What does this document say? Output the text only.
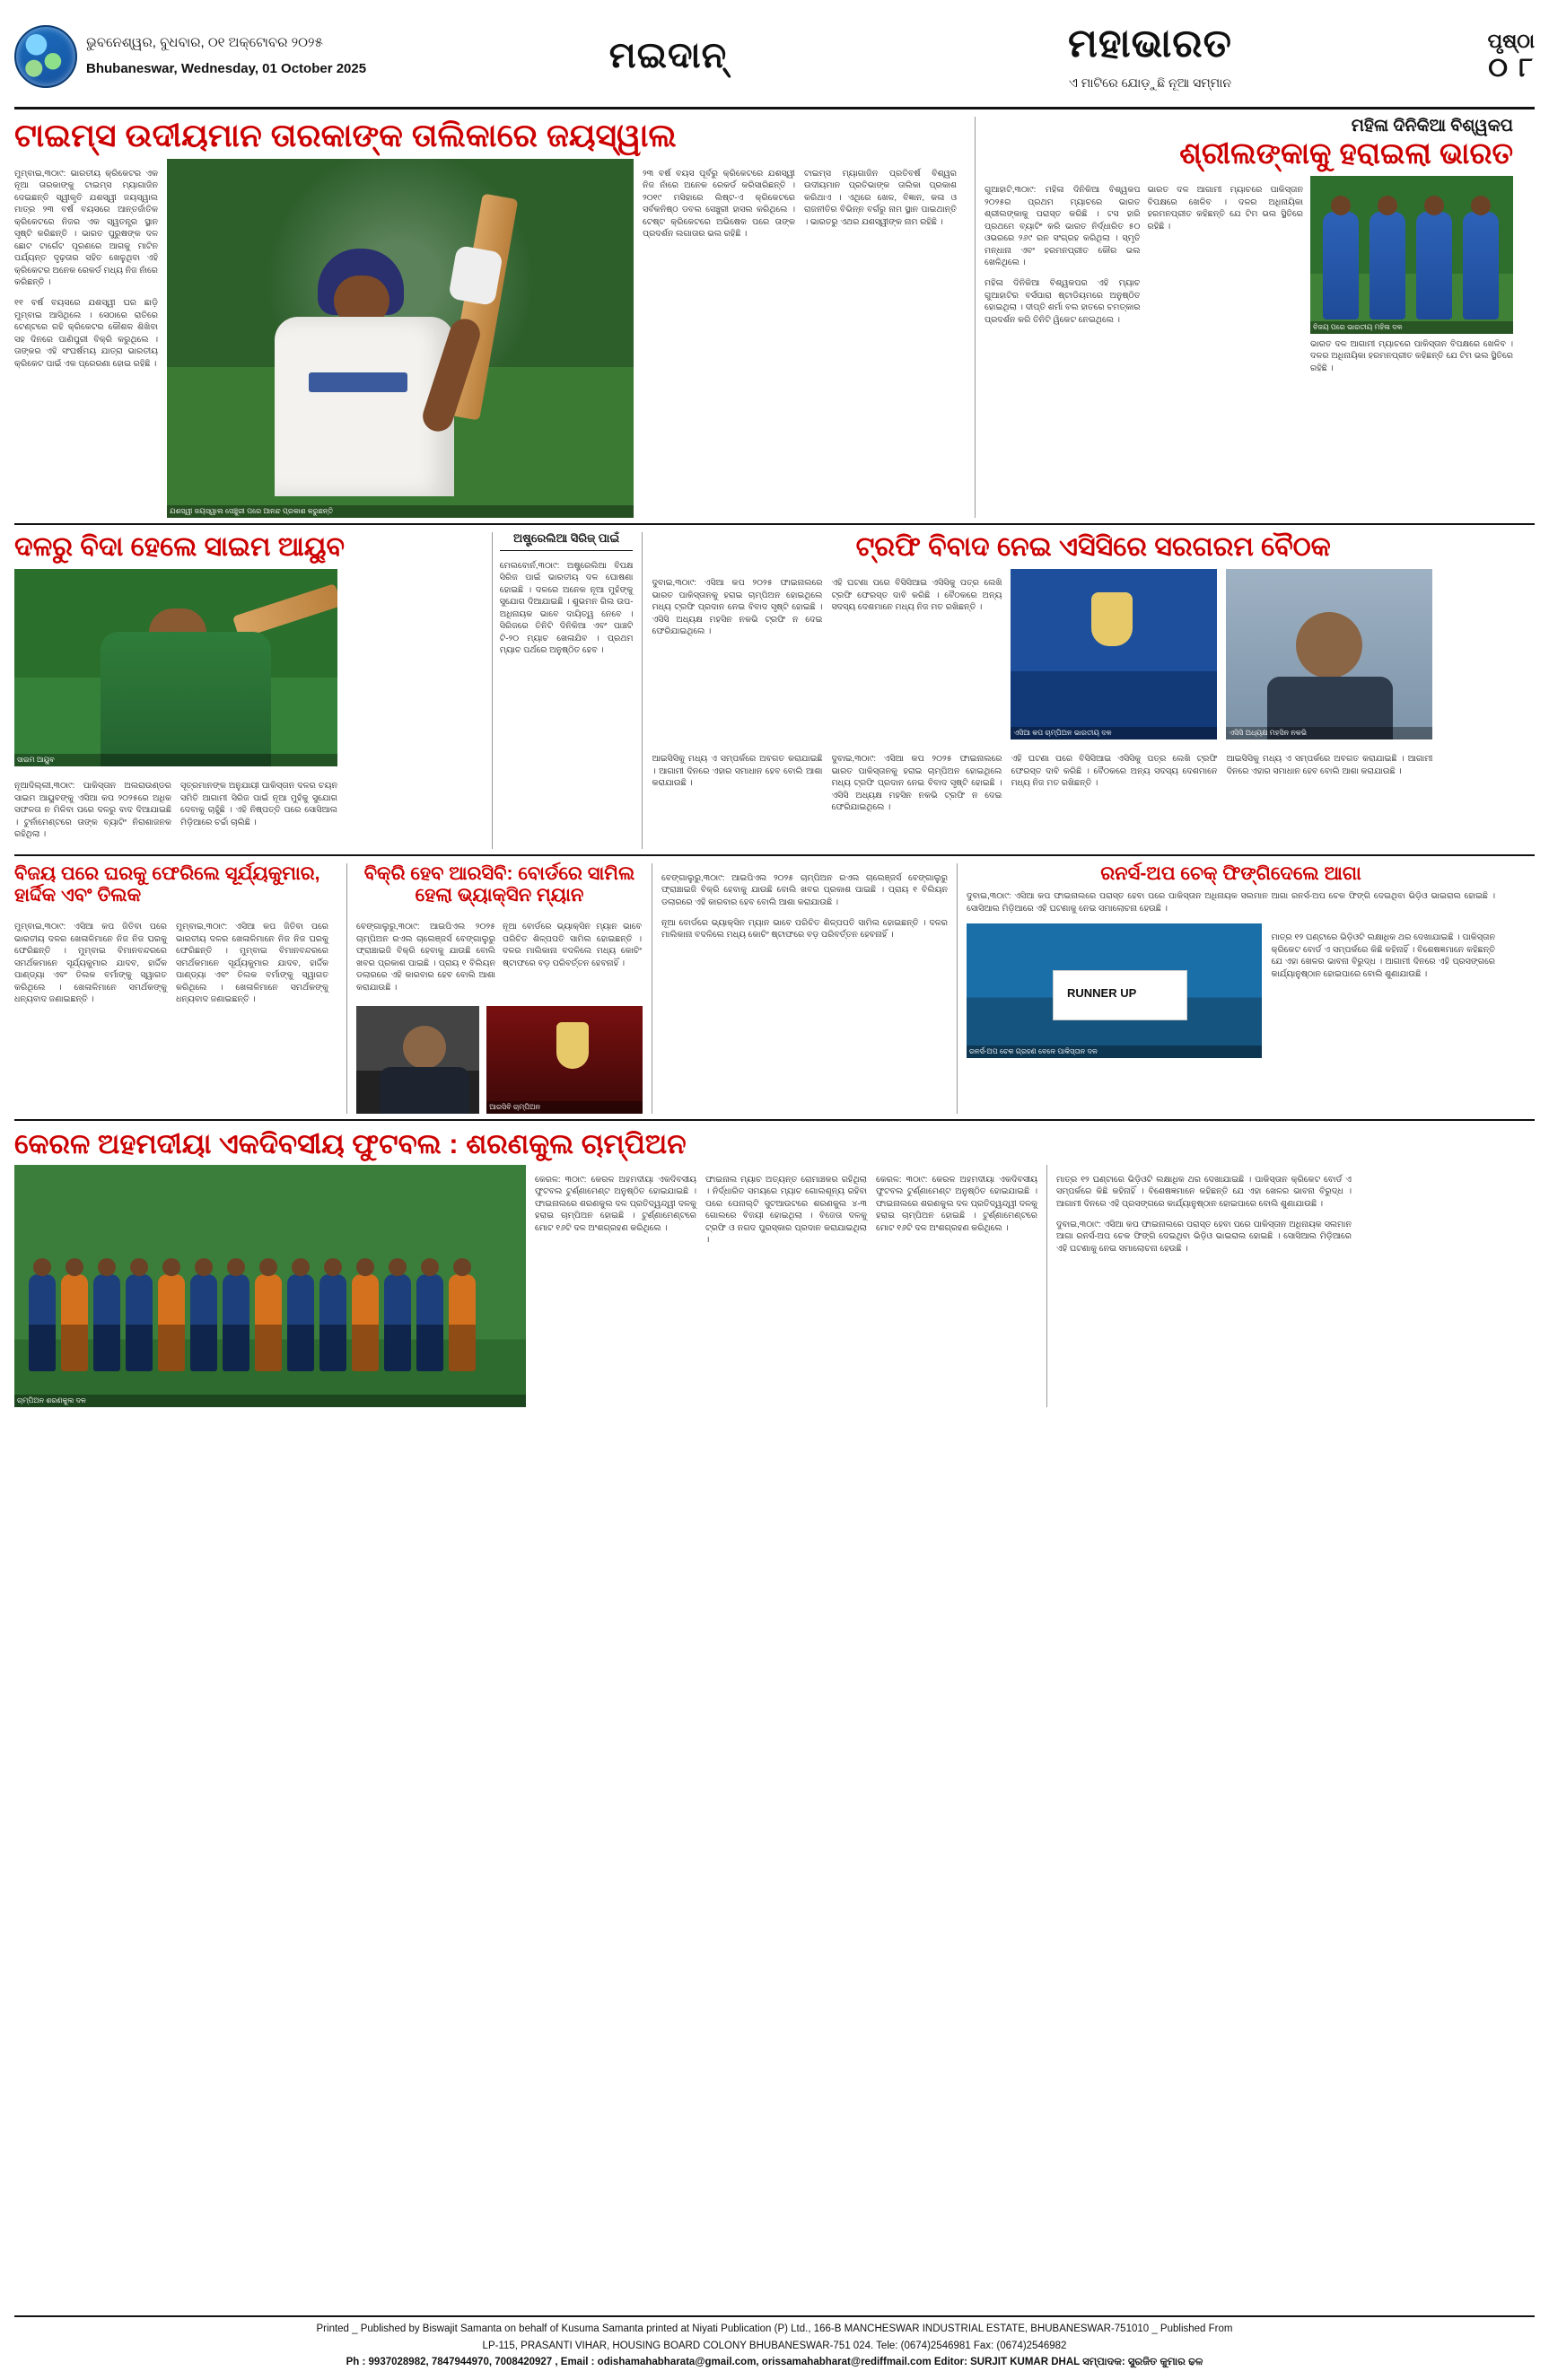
ଭୁବନେଶ୍ୱର, ବୁଧବାର, ୦୧ ଅକ୍ଟୋବର ୨୦୨୫
Bhubaneswar, Wednesday, 01 October 2025	ମଇଦାନ୍	ମହାଭାରତ
ଏ ମାଟିରେ ଯୋଡ଼ୁଛି ନୂଆ ସମ୍ମାନ
ପୃଷ୍ଠା
୦ ୮
ଟାଇମ୍ସ ଉଦୀୟମାନ ତାରକାଙ୍କ ତାଲିକାରେ ଜୟସ୍ୱାଲ

ମୁମ୍ବାଇ,୩୦ା୯: ଭାରତୀୟ କ୍ରିକେଟର ଏକ ନୂଆ ତାରକାଙ୍କୁ ଟାଇମ୍ସ ମ୍ୟାଗାଜିନ ଦେଇଛନ୍ତି ସ୍ୱୀକୃତି ଯଶସ୍ୱୀ ଜୟସ୍ୱାଲ ମାତ୍ର ୨୩ ବର୍ଷ ବୟସରେ ଆନ୍ତର୍ଜାତିକ କ୍ରିକେଟରେ ନିଜର ଏକ ସ୍ୱତନ୍ତ୍ର ସ୍ଥାନ ସୃଷ୍ଟି କରିଛନ୍ତି । ଭାରତ ପୁରୁଷଙ୍କ ଦଳ ଛୋଟ ଟାର୍ଗେଟ ପୂରଣରେ ଆଗକୁ ମାଟିନ ପର୍ଯ୍ୟନ୍ତ ଦୃଢ଼ତାର ସହିତ ଖେଳୁଥିବା ଏହି କ୍ରିକେଟର ଅନେକ ରେକର୍ଡ ମଧ୍ୟ ନିଜ ନାଁରେ କରିଛନ୍ତି ।

୧୧ ବର୍ଷ ବୟସରେ ଯଶସ୍ୱୀ ଘର ଛାଡ଼ି ମୁମ୍ବାଇ ଆସିଥିଲେ । ସେଠାରେ ରାତିରେ ଟେଣ୍ଟରେ ରହି କ୍ରିକେଟର କୌଶଳ ଶିଖିବା ସହ ଦିନରେ ପାଣିପୁରୀ ବିକ୍ରି କରୁଥିଲେ । ତାଙ୍କର ଏହି ସଂଘର୍ଷମୟ ଯାତ୍ରା ଭାରତୀୟ କ୍ରିକେଟ ପାଇଁ ଏକ ପ୍ରେରଣା ହୋଇ ରହିଛି ।

ଯଶସ୍ୱୀ ଜୟସ୍ୱାଲ ସେଞ୍ଚୁରୀ ପରେ ଆନନ୍ଦ ପ୍ରକାଶ କରୁଛନ୍ତି

୨୩ ବର୍ଷ ବୟସ ପୂର୍ବରୁ କ୍ରିକେଟରେ ଯଶସ୍ୱୀ ନିଜ ନାଁରେ ଅନେକ ରେକର୍ଡ କରିସାରିଛନ୍ତି । ୨୦୧୯ ମସିହାରେ ଲିଷ୍ଟ-ଏ କ୍ରିକେଟରେ ସର୍ବକନିଷ୍ଠ ଡବଲ ସେଞ୍ଚୁରୀ ହାସଲ କରିଥିଲେ । ଟେଷ୍ଟ କ୍ରିକେଟରେ ଅଭିଷେକ ପରେ ତାଙ୍କ ପ୍ରଦର୍ଶନ ଲଗାତାର ଭଲ ରହିଛି ।

ଟାଇମ୍ସ ମ୍ୟାଗାଜିନ ପ୍ରତିବର୍ଷ ବିଶ୍ୱର ଉଦୀୟମାନ ପ୍ରତିଭାଙ୍କ ତାଲିକା ପ୍ରକାଶ କରିଥାଏ । ଏଥିରେ ଖେଳ, ବିଜ୍ଞାନ, କଳା ଓ ରାଜନୀତିର ବିଭିନ୍ନ ବର୍ଗରୁ ନାମ ସ୍ଥାନ ପାଇଥାନ୍ତି । ଭାରତରୁ ଏଥର ଯଶସ୍ୱୀଙ୍କ ନାମ ରହିଛି ।

ମହିଳା ଦିନିକିଆ ବିଶ୍ୱକପ
ଶ୍ରୀଲଙ୍କାକୁ ହରାଇଲା ଭାରତ

ଗୁଆହାଟି,୩୦ା୯: ମହିଳା ଦିନିକିଆ ବିଶ୍ୱକପ ୨୦୨୫ର ପ୍ରଥମ ମ୍ୟାଚରେ ଭାରତ ଶ୍ରୀଲଙ୍କାକୁ ପରାସ୍ତ କରିଛି । ଟସ ହାରି ପ୍ରଥମେ ବ୍ୟାଟିଂ କରି ଭାରତ ନିର୍ଦ୍ଧାରିତ ୫୦ ଓଭରରେ ୨୬୯ ରନ ସଂଗ୍ରହ କରିଥିଲା । ସ୍ମୃତି ମନ୍ଧାନା ଏବଂ ହରମନପ୍ରୀତ କୌର ଭଲ ଖେଳିଥିଲେ ।

ମହିଳା ଦିନିକିଆ ବିଶ୍ୱକପର ଏହି ମ୍ୟାଚ ଗୁଆହାଟିର ବର୍ସପାରା ଷ୍ଟାଡିୟମରେ ଅନୁଷ୍ଠିତ ହୋଇଥିଲା । ଦୀପ୍ତି ଶର୍ମା ବଲ ହାତରେ ଚମତ୍କାର ପ୍ରଦର୍ଶନ କରି ତିନିଟି ୱିକେଟ ନେଇଥିଲେ ।

ଭାରତ ଦଳ ଆଗାମୀ ମ୍ୟାଚରେ ପାକିସ୍ତାନ ବିପକ୍ଷରେ ଖେଳିବ । ଦଳର ଅଧିନାୟିକା ହରମନପ୍ରୀତ କହିଛନ୍ତି ଯେ ଟିମ ଭଲ ସ୍ଥିତିରେ ରହିଛି ।

ବିଜୟ ପରେ ଭାରତୀୟ ମହିଳା ଦଳ

ଭାରତ ଦଳ ଆଗାମୀ ମ୍ୟାଚରେ ପାକିସ୍ତାନ ବିପକ୍ଷରେ ଖେଳିବ । ଦଳର ଅଧିନାୟିକା ହରମନପ୍ରୀତ କହିଛନ୍ତି ଯେ ଟିମ ଭଲ ସ୍ଥିତିରେ ରହିଛି ।

ଦଳରୁ ବିଦା ହେଲେ ସାଇମ ଆୟୁବ
ସାଇମ ଆୟୁବ

ନୂଆଦିଲ୍ଲୀ,୩୦ା୯: ପାକିସ୍ତାନ ଅଲରାଉଣ୍ଡର ସାଇମ ଆୟୁବଙ୍କୁ ଏସିଆ କପ ୨୦୨୫ରେ ଅଧିକ ସଫଳତା ନ ମିଳିବା ପରେ ଦଳରୁ ବାଦ ଦିଆଯାଇଛି । ଟୁର୍ନାମେଣ୍ଟରେ ତାଙ୍କ ବ୍ୟାଟିଂ ନିରାଶାଜନକ ରହିଥିଲା ।

ସୂତ୍ରମାନଙ୍କ ଅନୁଯାୟୀ ପାକିସ୍ତାନ ଦଳର ଚୟନ ସମିତି ଆଗାମୀ ସିରିଜ ପାଇଁ ନୂଆ ମୁହଁକୁ ସୁଯୋଗ ଦେବାକୁ ଚାହୁଁଛି । ଏହି ନିଷ୍ପତ୍ତି ପରେ ସୋସିଆଲ ମିଡ଼ିଆରେ ଚର୍ଚ୍ଚା ଚାଲିଛି ।

ଅଷ୍ଟ୍ରେଲିଆ ସିରିଜ୍ ପାଇଁ

ମେଲବୋର୍ନ,୩୦ା୯: ଅଷ୍ଟ୍ରେଲିଆ ବିପକ୍ଷ ସିରିଜ ପାଇଁ ଭାରତୀୟ ଦଳ ଘୋଷଣା ହୋଇଛି । ଦଳରେ ଅନେକ ନୂଆ ମୁହଁଙ୍କୁ ସୁଯୋଗ ଦିଆଯାଇଛି । ଶୁଭମନ ଗିଲ ଉପ-ଅଧିନାୟକ ଭାବେ ଦାୟିତ୍ୱ ନେବେ । ସିରିଜରେ ତିନିଟି ଦିନିକିଆ ଏବଂ ପାଞ୍ଚଟି ଟି-୨୦ ମ୍ୟାଚ ଖେଳାଯିବ । ପ୍ରଥମ ମ୍ୟାଚ ପର୍ଥରେ ଅନୁଷ୍ଠିତ ହେବ ।

ଟ୍ରଫି ବିବାଦ ନେଇ ଏସିସିରେ ସରଗରମ ବୈଠକ

ଦୁବାଇ,୩୦ା୯: ଏସିଆ କପ ୨୦୨୫ ଫାଇନାଲରେ ଭାରତ ପାକିସ୍ତାନକୁ ହରାଇ ଚାମ୍ପିଅନ ହୋଇଥିଲେ ମଧ୍ୟ ଟ୍ରଫି ପ୍ରଦାନ ନେଇ ବିବାଦ ସୃଷ୍ଟି ହୋଇଛି । ଏସିସି ଅଧ୍ୟକ୍ଷ ମହସିନ ନକଭି ଟ୍ରଫି ନ ଦେଇ ଫେରିଯାଇଥିଲେ ।

ଏହି ଘଟଣା ପରେ ବିସିସିଆଇ ଏସିସିକୁ ପତ୍ର ଲେଖି ଟ୍ରଫି ଫେରସ୍ତ ଦାବି କରିଛି । ବୈଠକରେ ଅନ୍ୟ ସଦସ୍ୟ ଦେଶମାନେ ମଧ୍ୟ ନିଜ ମତ ରଖିଛନ୍ତି ।

ଏସିଆ କପ ଚାମ୍ପିଅନ ଭାରତୀୟ ଦଳ	ଏସିସି ଅଧ୍ୟକ୍ଷ ମହସିନ ନକଭି

ଆଇସିସିକୁ ମଧ୍ୟ ଏ ସମ୍ପର୍କରେ ଅବଗତ କରାଯାଇଛି । ଆଗାମୀ ଦିନରେ ଏହାର ସମାଧାନ ହେବ ବୋଲି ଆଶା କରାଯାଉଛି ।

ଦୁବାଇ,୩୦ା୯: ଏସିଆ କପ ୨୦୨୫ ଫାଇନାଲରେ ଭାରତ ପାକିସ୍ତାନକୁ ହରାଇ ଚାମ୍ପିଅନ ହୋଇଥିଲେ ମଧ୍ୟ ଟ୍ରଫି ପ୍ରଦାନ ନେଇ ବିବାଦ ସୃଷ୍ଟି ହୋଇଛି । ଏସିସି ଅଧ୍ୟକ୍ଷ ମହସିନ ନକଭି ଟ୍ରଫି ନ ଦେଇ ଫେରିଯାଇଥିଲେ ।

ଏହି ଘଟଣା ପରେ ବିସିସିଆଇ ଏସିସିକୁ ପତ୍ର ଲେଖି ଟ୍ରଫି ଫେରସ୍ତ ଦାବି କରିଛି । ବୈଠକରେ ଅନ୍ୟ ସଦସ୍ୟ ଦେଶମାନେ ମଧ୍ୟ ନିଜ ମତ ରଖିଛନ୍ତି ।

ଆଇସିସିକୁ ମଧ୍ୟ ଏ ସମ୍ପର୍କରେ ଅବଗତ କରାଯାଇଛି । ଆଗାମୀ ଦିନରେ ଏହାର ସମାଧାନ ହେବ ବୋଲି ଆଶା କରାଯାଉଛି ।

ବିଜୟ ପରେ ଘରକୁ ଫେରିଲେ ସୂର୍ଯ୍ୟକୁମାର, ହାର୍ଦ୍ଦିକ ଏବଂ ତିଲକ

ମୁମ୍ବାଇ,୩୦ା୯: ଏସିଆ କପ ଜିତିବା ପରେ ଭାରତୀୟ ଦଳର ଖେଳାଳିମାନେ ନିଜ ନିଜ ଘରକୁ ଫେରିଛନ୍ତି । ମୁମ୍ବାଇ ବିମାନବନ୍ଦରରେ ସମର୍ଥକମାନେ ସୂର୍ଯ୍ୟକୁମାର ଯାଦବ, ହାର୍ଦ୍ଦିକ ପାଣ୍ଡ୍ୟା ଏବଂ ତିଲକ ବର୍ମାଙ୍କୁ ସ୍ୱାଗତ କରିଥିଲେ । ଖେଳାଳିମାନେ ସମର୍ଥକଙ୍କୁ ଧନ୍ୟବାଦ ଜଣାଇଛନ୍ତି ।

ମୁମ୍ବାଇ,୩୦ା୯: ଏସିଆ କପ ଜିତିବା ପରେ ଭାରତୀୟ ଦଳର ଖେଳାଳିମାନେ ନିଜ ନିଜ ଘରକୁ ଫେରିଛନ୍ତି । ମୁମ୍ବାଇ ବିମାନବନ୍ଦରରେ ସମର୍ଥକମାନେ ସୂର୍ଯ୍ୟକୁମାର ଯାଦବ, ହାର୍ଦ୍ଦିକ ପାଣ୍ଡ୍ୟା ଏବଂ ତିଲକ ବର୍ମାଙ୍କୁ ସ୍ୱାଗତ କରିଥିଲେ । ଖେଳାଳିମାନେ ସମର୍ଥକଙ୍କୁ ଧନ୍ୟବାଦ ଜଣାଇଛନ୍ତି ।

ବିକ୍ରି ହେବ ଆରସିବି: ବୋର୍ଡରେ ସାମିଲ ହେଲା ଭ୍ୟାକ୍ସିନ ମ୍ୟାନ

ବେଙ୍ଗାଲୁରୁ,୩୦ା୯: ଆଇପିଏଲ ୨୦୨୫ ଚାମ୍ପିଅନ ରଏଲ ଚାଲେଞ୍ଜର୍ସ ବେଙ୍ଗାଲୁରୁ ଫ୍ରାଞ୍ଚାଇଜି ବିକ୍ରି ହେବାକୁ ଯାଉଛି ବୋଲି ଖବର ପ୍ରକାଶ ପାଇଛି । ପ୍ରାୟ ୧ ବିଲିୟନ ଡଲାରରେ ଏହି କାରବାର ହେବ ବୋଲି ଆଶା କରାଯାଉଛି ।

ନୂଆ ବୋର୍ଡରେ ଭ୍ୟାକ୍ସିନ ମ୍ୟାନ ଭାବେ ପରିଚିତ ଶିଳ୍ପପତି ସାମିଲ ହୋଇଛନ୍ତି । ଦଳର ମାଲିକାନା ବଦଳିଲେ ମଧ୍ୟ କୋଚିଂ ଷ୍ଟାଫରେ ବଡ଼ ପରିବର୍ତ୍ତନ ହେବନାହିଁ ।

ଆରସିବି ଚାମ୍ପିଅନ

ବେଙ୍ଗାଲୁରୁ,୩୦ା୯: ଆଇପିଏଲ ୨୦୨୫ ଚାମ୍ପିଅନ ରଏଲ ଚାଲେଞ୍ଜର୍ସ ବେଙ୍ଗାଲୁରୁ ଫ୍ରାଞ୍ଚାଇଜି ବିକ୍ରି ହେବାକୁ ଯାଉଛି ବୋଲି ଖବର ପ୍ରକାଶ ପାଇଛି । ପ୍ରାୟ ୧ ବିଲିୟନ ଡଲାରରେ ଏହି କାରବାର ହେବ ବୋଲି ଆଶା କରାଯାଉଛି ।

ନୂଆ ବୋର୍ଡରେ ଭ୍ୟାକ୍ସିନ ମ୍ୟାନ ଭାବେ ପରିଚିତ ଶିଳ୍ପପତି ସାମିଲ ହୋଇଛନ୍ତି । ଦଳର ମାଲିକାନା ବଦଳିଲେ ମଧ୍ୟ କୋଚିଂ ଷ୍ଟାଫରେ ବଡ଼ ପରିବର୍ତ୍ତନ ହେବନାହିଁ ।

ରନର୍ସ-ଅପ ଚେକ୍ ଫିଙ୍ଗିଦେଲେ ଆଗା

ଦୁବାଇ,୩୦ା୯: ଏସିଆ କପ ଫାଇନାଲରେ ପରାସ୍ତ ହେବା ପରେ ପାକିସ୍ତାନ ଅଧିନାୟକ ସଲମାନ ଆଗା ରନର୍ସ-ଅପ ଚେକ ଫିଙ୍ଗି ଦେଇଥିବା ଭିଡ଼ିଓ ଭାଇରାଲ ହୋଇଛି । ସୋସିଆଲ ମିଡ଼ିଆରେ ଏହି ଘଟଣାକୁ ନେଇ ସମାଲୋଚନା ହେଉଛି ।

RUNNER UP
ରନର୍ସ-ଅପ ଚେକ ଗ୍ରହଣ ବେଳେ ପାକିସ୍ତାନ ଦଳ

ମାତ୍ର ୧୨ ଘଣ୍ଟାରେ ଭିଡ଼ିଓଟି ଲକ୍ଷାଧିକ ଥର ଦେଖାଯାଇଛି । ପାକିସ୍ତାନ କ୍ରିକେଟ ବୋର୍ଡ ଏ ସମ୍ପର୍କରେ କିଛି କହିନାହିଁ । ବିଶେଷଜ୍ଞମାନେ କହିଛନ୍ତି ଯେ ଏହା ଖେଳର ଭାବନା ବିରୁଦ୍ଧ । ଆଗାମୀ ଦିନରେ ଏହି ପ୍ରସଙ୍ଗରେ କାର୍ଯ୍ୟାନୁଷ୍ଠାନ ହୋଇପାରେ ବୋଲି ଶୁଣାଯାଉଛି ।

କେରଳ ଅହମଦୀୟା ଏକଦିବସୀୟ ଫୁଟବଲ : ଶରଣକୁଲ ଚାମ୍ପିଅନ
ଚାମ୍ପିଅନ ଶରଣକୁଲ ଦଳ

କେରଳ: ୩୦ା୯: କେରଳ ଅହମଦୀୟା ଏକଦିବସୀୟ ଫୁଟବଲ ଟୁର୍ଣ୍ଣାମେଣ୍ଟ ଅନୁଷ୍ଠିତ ହୋଇଯାଇଛି । ଫାଇନାଲରେ ଶରଣକୁଲ ଦଳ ପ୍ରତିଦ୍ୱନ୍ଦ୍ୱୀ ଦଳକୁ ହରାଇ ଚାମ୍ପିଅନ ହୋଇଛି । ଟୁର୍ଣ୍ଣାମେଣ୍ଟରେ ମୋଟ ୧୬ଟି ଦଳ ଅଂଶଗ୍ରହଣ କରିଥିଲେ ।

ଫାଇନାଲ ମ୍ୟାଚ ଅତ୍ୟନ୍ତ ରୋମାଞ୍ଚକର ରହିଥିଲା । ନିର୍ଦ୍ଧାରିତ ସମୟରେ ମ୍ୟାଚ ଗୋଲଶୂନ୍ୟ ରହିବା ପରେ ପେନାଲ୍ଟି ସୁଟଆଉଟରେ ଶରଣକୁଲ ୪-୩ ଗୋଲରେ ବିଜୟୀ ହୋଇଥିଲା । ବିଜେତା ଦଳକୁ ଟ୍ରଫି ଓ ନଗଦ ପୁରସ୍କାର ପ୍ରଦାନ କରାଯାଇଥିଲା ।

କେରଳ: ୩୦ା୯: କେରଳ ଅହମଦୀୟା ଏକଦିବସୀୟ ଫୁଟବଲ ଟୁର୍ଣ୍ଣାମେଣ୍ଟ ଅନୁଷ୍ଠିତ ହୋଇଯାଇଛି । ଫାଇନାଲରେ ଶରଣକୁଲ ଦଳ ପ୍ରତିଦ୍ୱନ୍ଦ୍ୱୀ ଦଳକୁ ହରାଇ ଚାମ୍ପିଅନ ହୋଇଛି । ଟୁର୍ଣ୍ଣାମେଣ୍ଟରେ ମୋଟ ୧୬ଟି ଦଳ ଅଂଶଗ୍ରହଣ କରିଥିଲେ ।

ମାତ୍ର ୧୨ ଘଣ୍ଟାରେ ଭିଡ଼ିଓଟି ଲକ୍ଷାଧିକ ଥର ଦେଖାଯାଇଛି । ପାକିସ୍ତାନ କ୍ରିକେଟ ବୋର୍ଡ ଏ ସମ୍ପର୍କରେ କିଛି କହିନାହିଁ । ବିଶେଷଜ୍ଞମାନେ କହିଛନ୍ତି ଯେ ଏହା ଖେଳର ଭାବନା ବିରୁଦ୍ଧ । ଆଗାମୀ ଦିନରେ ଏହି ପ୍ରସଙ୍ଗରେ କାର୍ଯ୍ୟାନୁଷ୍ଠାନ ହୋଇପାରେ ବୋଲି ଶୁଣାଯାଉଛି ।

ଦୁବାଇ,୩୦ା୯: ଏସିଆ କପ ଫାଇନାଲରେ ପରାସ୍ତ ହେବା ପରେ ପାକିସ୍ତାନ ଅଧିନାୟକ ସଲମାନ ଆଗା ରନର୍ସ-ଅପ ଚେକ ଫିଙ୍ଗି ଦେଇଥିବା ଭିଡ଼ିଓ ଭାଇରାଲ ହୋଇଛି । ସୋସିଆଲ ମିଡ଼ିଆରେ ଏହି ଘଟଣାକୁ ନେଇ ସମାଲୋଚନା ହେଉଛି ।

Printed _ Published by Biswajit Samanta on behalf of Kusuma Samanta printed at Niyati Publication (P) Ltd., 166-B MANCHESWAR INDUSTRIAL ESTATE, BHUBANESWAR-751010 _ Published From

LP-115, PRASANTI VIHAR, HOUSING BOARD COLONY BHUBANESWAR-751 024. Tele: (0674)2546981 Fax: (0674)2546982

Ph : 9937028982, 7847944970, 7008420927 , Email : odishamahabharata@gmail.com, orissamahabharat@rediffmail.com Editor: SURJIT KUMAR DHAL ସମ୍ପାଦକ: ସୁରଜିତ କୁମାର ଢଳ
